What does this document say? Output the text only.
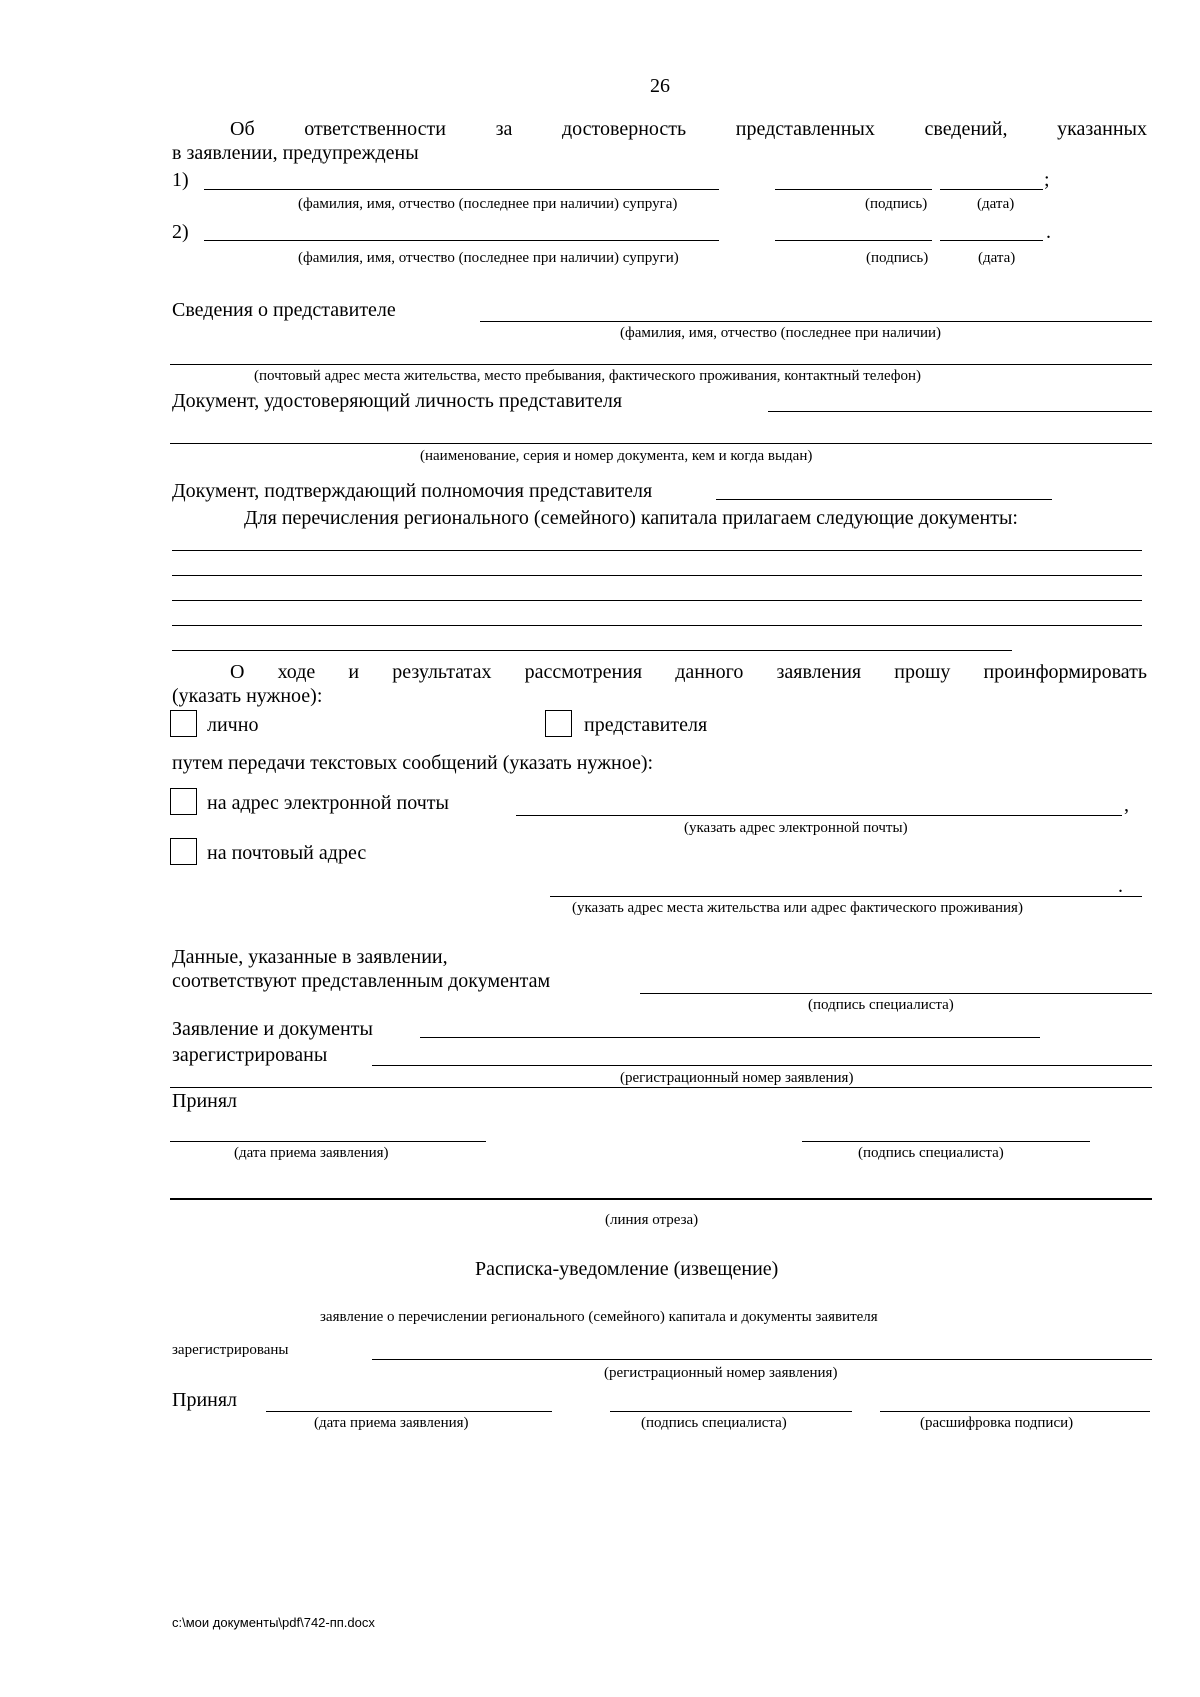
26
Об ответственности за достоверность представленных сведений, указанных
в заявлении, предупреждены
1)	;
(фамилия, имя, отчество (последнее при наличии) супруга)	(подпись)	(дата)
2)	.
(фамилия, имя, отчество (последнее при наличии) супруги)	(подпись)	(дата)
Сведения о представителе
(фамилия, имя, отчество (последнее при наличии)
(почтовый адрес места жительства, место пребывания, фактического проживания, контактный телефон)
Документ, удостоверяющий личность представителя
(наименование, серия и номер документа, кем и когда выдан)
Документ, подтверждающий полномочия представителя
Для перечисления регионального (семейного) капитала прилагаем следующие документы:
О ходе и результатах рассмотрения данного заявления прошу проинформировать
(указать нужное):
лично	представителя
путем передачи текстовых сообщений (указать нужное):
на адрес электронной почты	,
(указать адрес электронной почты)
на почтовый адрес
.
(указать адрес места жительства или адрес фактического проживания)
Данные, указанные в заявлении,
соответствуют представленным документам
(подпись специалиста)
Заявление и документы
зарегистрированы
(регистрационный номер заявления)
Принял
(дата приема заявления)	(подпись специалиста)
(линия отреза)
Расписка-уведомление (извещение)
заявление о перечислении регионального (семейного) капитала и документы заявителя
зарегистрированы
(регистрационный номер заявления)
Принял
(дата приема заявления)	(подпись специалиста)	(расшифровка подписи)
c:\мои документы\pdf\742-пп.docx
